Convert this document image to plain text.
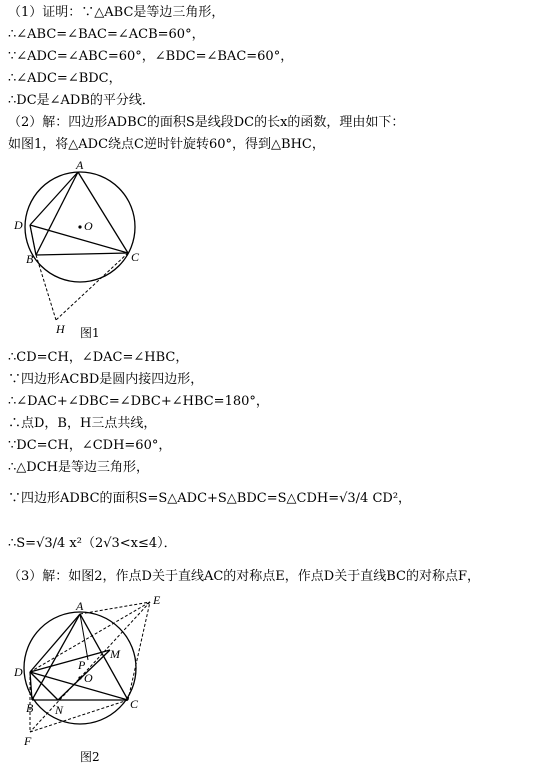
（1）证明：∵△ABC是等边三角形，
∴∠ABC=∠BAC=∠ACB=60°，
∵∠ADC=∠ABC=60°，∠BDC=∠BAC=60°，
∴∠ADC=∠BDC，
∴DC是∠ADB的平分线．
（2）解：四边形ADBC的面积S是线段DC的长x的函数，理由如下：
如图1，将△ADC绕点C逆时针旋转60°，得到△BHC，
D
A
B	C
O
H 图1
∴CD=CH，∠DAC=∠HBC，
∵四边形ACBD是圆内接四边形，
∴∠DAC+∠DBC=∠DBC+∠HBC=180°，
∴点D，B，H三点共线，
∵DC=CH，∠CDH=60°，
∴△DCH是等边三角形，
∵四边形ADBC的面积S=S△ADC+S△BDC=S△CDH=√3/4 CD²，
∴S=√3/4 x²（2√3<x≤4）．
（3）解：如图2，作点D关于直线AC的对称点E，作点D关于直线BC的对称点F，
D
A
B	C
O
E
F
M
N
P
图2
